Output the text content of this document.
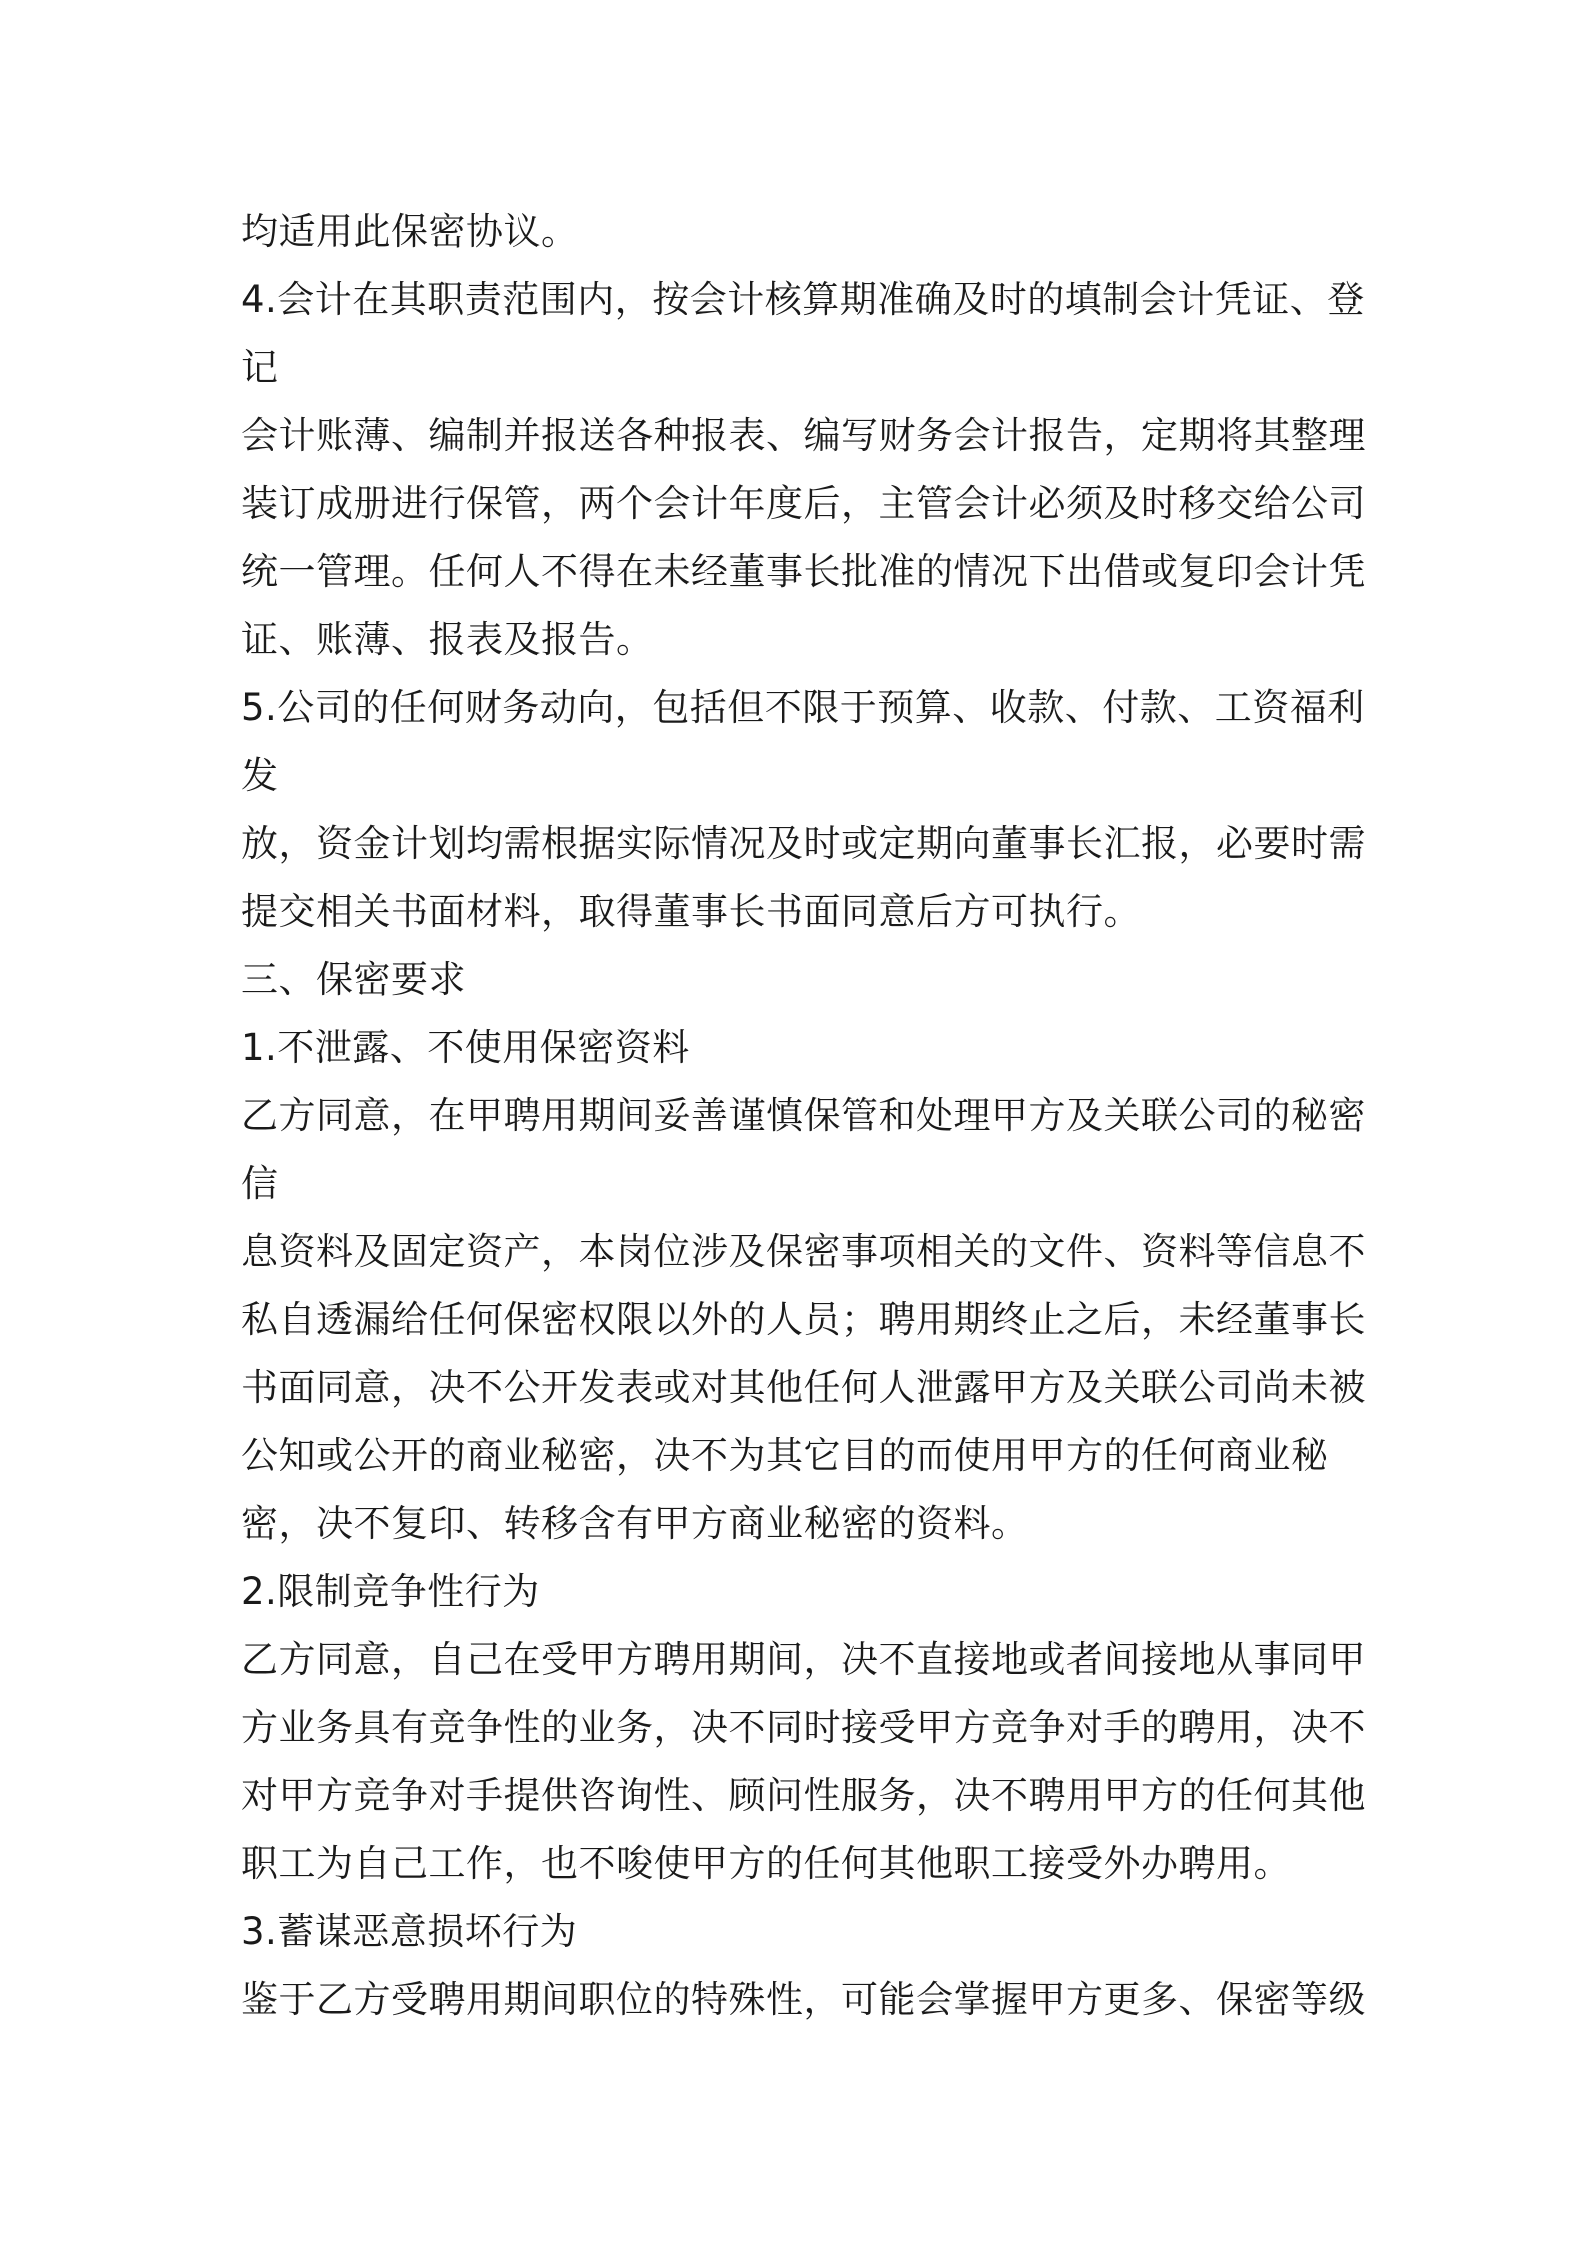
均适用此保密协议。
4.会计在其职责范围内，按会计核算期准确及时的填制会计凭证、登
记
会计账薄、编制并报送各种报表、编写财务会计报告，定期将其整理
装订成册进行保管，两个会计年度后，主管会计必须及时移交给公司
统一管理。任何人不得在未经董事长批准的情况下出借或复印会计凭
证、账薄、报表及报告。
5.公司的任何财务动向，包括但不限于预算、收款、付款、工资福利
发
放，资金计划均需根据实际情况及时或定期向董事长汇报，必要时需
提交相关书面材料，取得董事长书面同意后方可执行。
三、保密要求
1.不泄露、不使用保密资料
乙方同意，在甲聘用期间妥善谨慎保管和处理甲方及关联公司的秘密
信
息资料及固定资产，本岗位涉及保密事项相关的文件、资料等信息不
私自透漏给任何保密权限以外的人员；聘用期终止之后，未经董事长
书面同意，决不公开发表或对其他任何人泄露甲方及关联公司尚未被
公知或公开的商业秘密，决不为其它目的而使用甲方的任何商业秘
密，决不复印、转移含有甲方商业秘密的资料。
2.限制竞争性行为
乙方同意，自己在受甲方聘用期间，决不直接地或者间接地从事同甲
方业务具有竞争性的业务，决不同时接受甲方竞争对手的聘用，决不
对甲方竞争对手提供咨询性、顾问性服务，决不聘用甲方的任何其他
职工为自己工作，也不唆使甲方的任何其他职工接受外办聘用。
3.蓄谋恶意损坏行为
鉴于乙方受聘用期间职位的特殊性，可能会掌握甲方更多、保密等级
